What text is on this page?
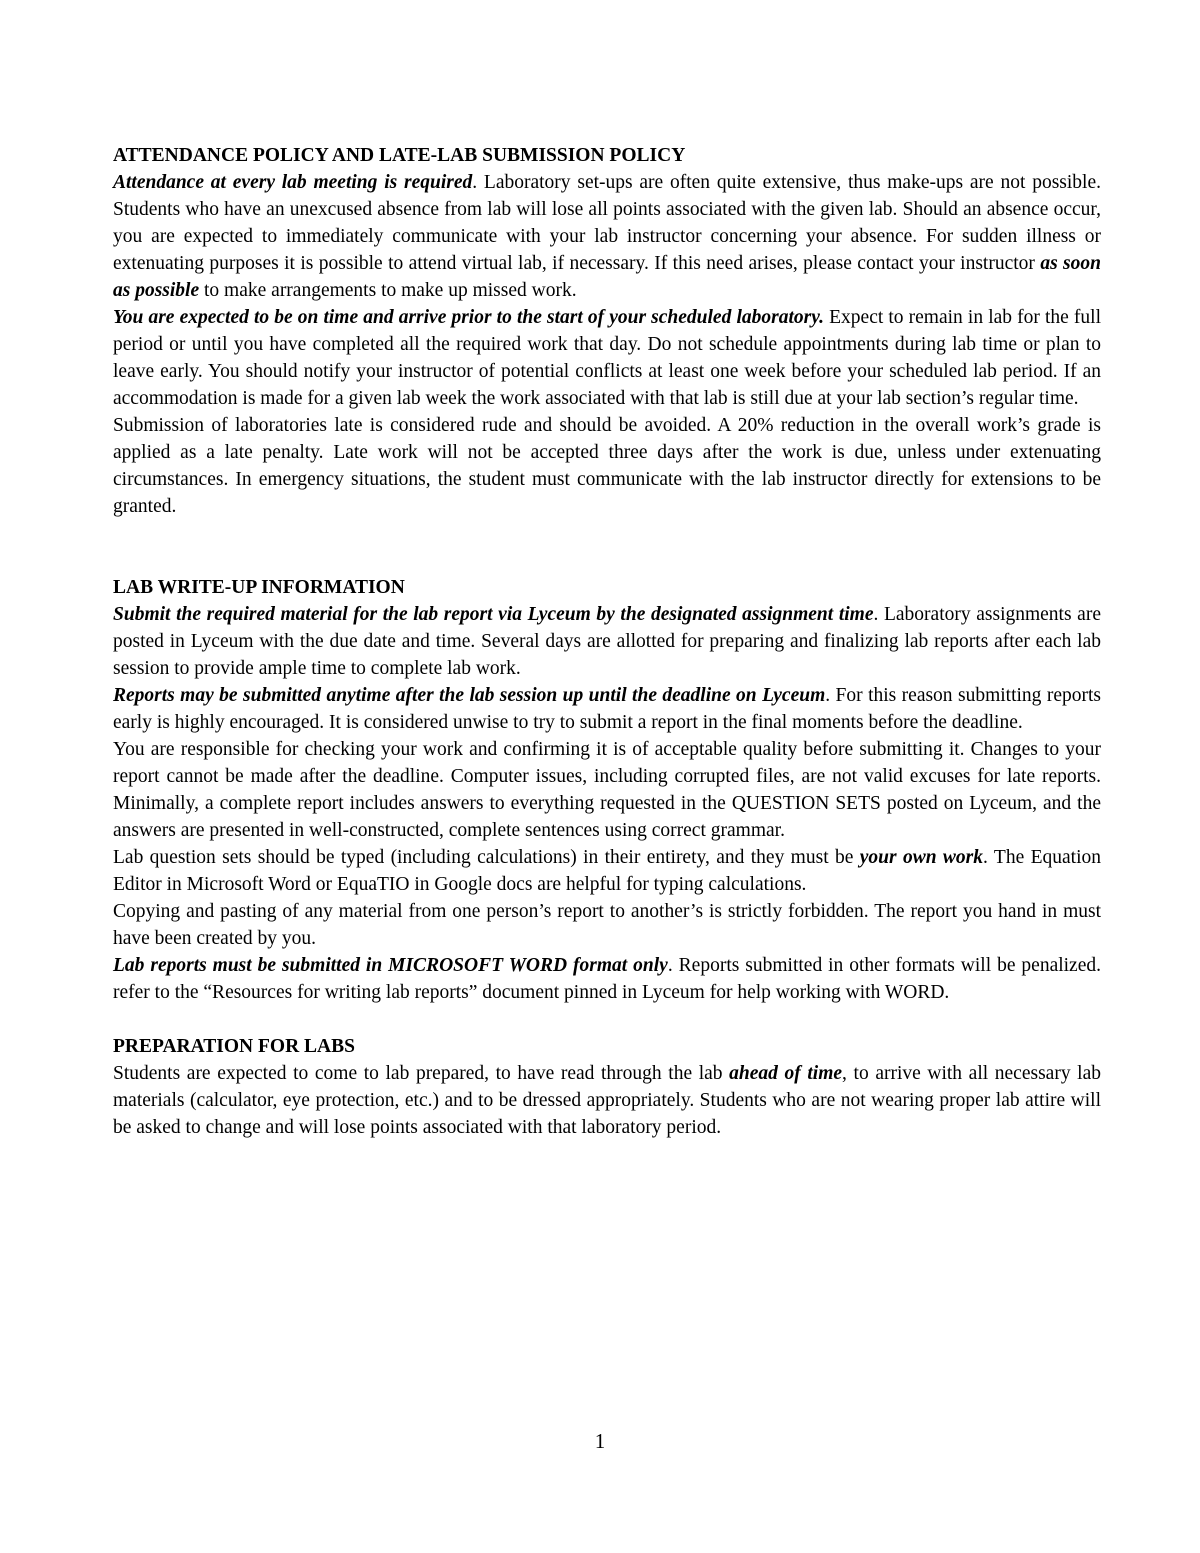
ATTENDANCE POLICY AND LATE-LAB SUBMISSION POLICY

Attendance at every lab meeting is required. Laboratory set-ups are often quite extensive, thus make-ups are not possible. Students who have an unexcused absence from lab will lose all points associated with the given lab. Should an absence occur, you are expected to immediately communicate with your lab instructor concerning your absence. For sudden illness or extenuating purposes it is possible to attend virtual lab, if necessary. If this need arises, please contact your instructor as soon as possible to make arrangements to make up missed work.

You are expected to be on time and arrive prior to the start of your scheduled laboratory. Expect to remain in lab for the full period or until you have completed all the required work that day. Do not schedule appointments during lab time or plan to leave early. You should notify your instructor of potential conflicts at least one week before your scheduled lab period. If an accommodation is made for a given lab week the work associated with that lab is still due at your lab section’s regular time.

Submission of laboratories late is considered rude and should be avoided. A 20% reduction in the overall work’s grade is applied as a late penalty. Late work will not be accepted three days after the work is due, unless under extenuating circumstances. In emergency situations, the student must communicate with the lab instructor directly for extensions to be granted.

LAB WRITE-UP INFORMATION

Submit the required material for the lab report via Lyceum by the designated assignment time. Laboratory assignments are posted in Lyceum with the due date and time. Several days are allotted for preparing and finalizing lab reports after each lab session to provide ample time to complete lab work.

Reports may be submitted anytime after the lab session up until the deadline on Lyceum. For this reason submitting reports early is highly encouraged. It is considered unwise to try to submit a report in the final moments before the deadline.

You are responsible for checking your work and confirming it is of acceptable quality before submitting it. Changes to your report cannot be made after the deadline. Computer issues, including corrupted files, are not valid excuses for late reports. Minimally, a complete report includes answers to everything requested in the QUESTION SETS posted on Lyceum, and the answers are presented in well-constructed, complete sentences using correct grammar.

Lab question sets should be typed (including calculations) in their entirety, and they must be your own work. The Equation Editor in Microsoft Word or EquaTIO in Google docs are helpful for typing calculations.

Copying and pasting of any material from one person’s report to another’s is strictly forbidden. The report you hand in must have been created by you.

Lab reports must be submitted in MICROSOFT WORD format only. Reports submitted in other formats will be penalized. refer to the “Resources for writing lab reports” document pinned in Lyceum for help working with WORD.

PREPARATION FOR LABS

Students are expected to come to lab prepared, to have read through the lab ahead of time, to arrive with all necessary lab materials (calculator, eye protection, etc.) and to be dressed appropriately. Students who are not wearing proper lab attire will be asked to change and will lose points associated with that laboratory period.

1
